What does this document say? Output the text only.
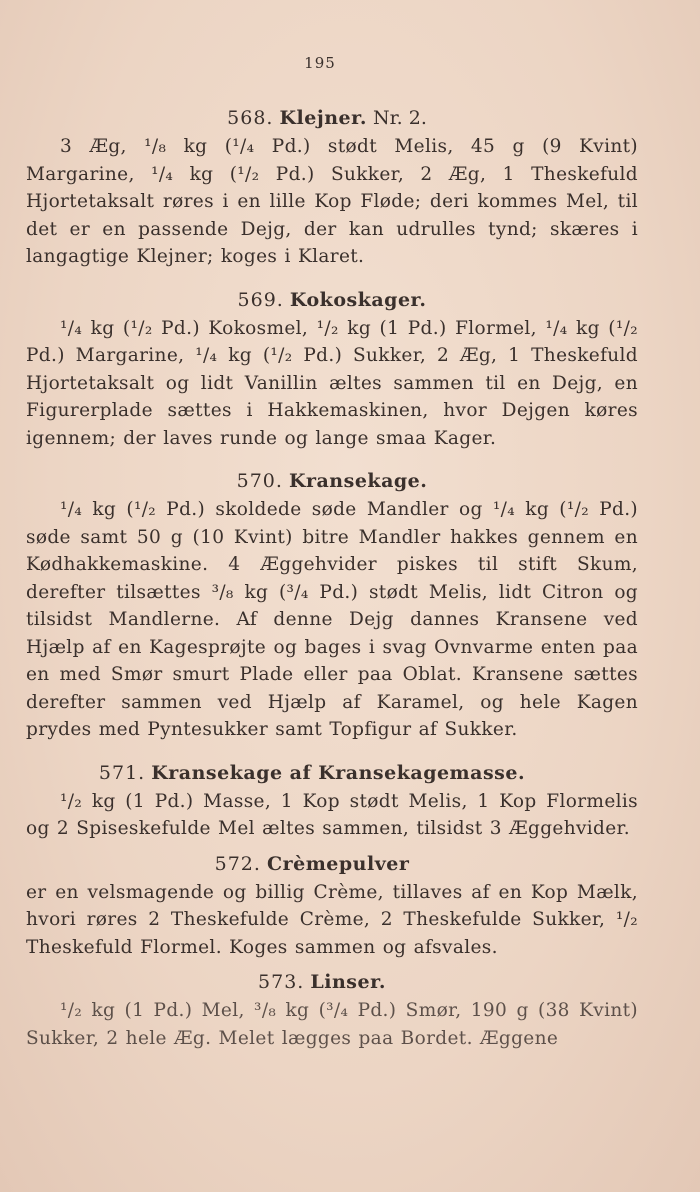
195
568. Klejner. Nr. 2.

3 Æg, ¹/₈ kg (¹/₄ Pd.) stødt Melis, 45 g (9 Kvint) Margarine, ¹/₄ kg (¹/₂ Pd.) Sukker, 2 Æg, 1 Theskefuld Hjortetaksalt røres i en lille Kop Fløde; deri kommes Mel, til det er en passende Dejg, der kan udrulles tynd; skæres i langagtige Klejner; koges i Klaret.

569. Kokoskager.

¹/₄ kg (¹/₂ Pd.) Kokosmel, ¹/₂ kg (1 Pd.) Flormel, ¹/₄ kg (¹/₂ Pd.) Margarine, ¹/₄ kg (¹/₂ Pd.) Sukker, 2 Æg, 1 Theskefuld Hjortetaksalt og lidt Vanillin æltes sammen til en Dejg, en Figurerplade sættes i Hakkemaskinen, hvor Dejgen køres igennem; der laves runde og lange smaa Kager.

570. Kransekage.

¹/₄ kg (¹/₂ Pd.) skoldede søde Mandler og ¹/₄ kg (¹/₂ Pd.) søde samt 50 g (10 Kvint) bitre Mandler hakkes gennem en Kødhakkemaskine. 4 Æggehvider piskes til stift Skum, derefter tilsættes ³/₈ kg (³/₄ Pd.) stødt Melis, lidt Citron og tilsidst Mandlerne. Af denne Dejg dannes Kransene ved Hjælp af en Kagesprøjte og bages i svag Ovnvarme enten paa en med Smør smurt Plade eller paa Oblat. Kransene sættes derefter sammen ved Hjælp af Karamel, og hele Kagen prydes med Pyntesukker samt Topfigur af Sukker.

571. Kransekage af Kransekagemasse.

¹/₂ kg (1 Pd.) Masse, 1 Kop stødt Melis, 1 Kop Flormelis og 2 Spiseskefulde Mel æltes sammen, tilsidst 3 Æggehvider.

572. Crèmepulver

er en velsmagende og billig Crème, tillaves af en Kop Mælk, hvori røres 2 Theskefulde Crème, 2 Theskefulde Sukker, ¹/₂ Theskefuld Flormel. Koges sammen og afsvales.

573. Linser.

¹/₂ kg (1 Pd.) Mel, ³/₈ kg (³/₄ Pd.) Smør, 190 g (38 Kvint) Sukker, 2 hele Æg. Melet lægges paa Bordet. Æggene
